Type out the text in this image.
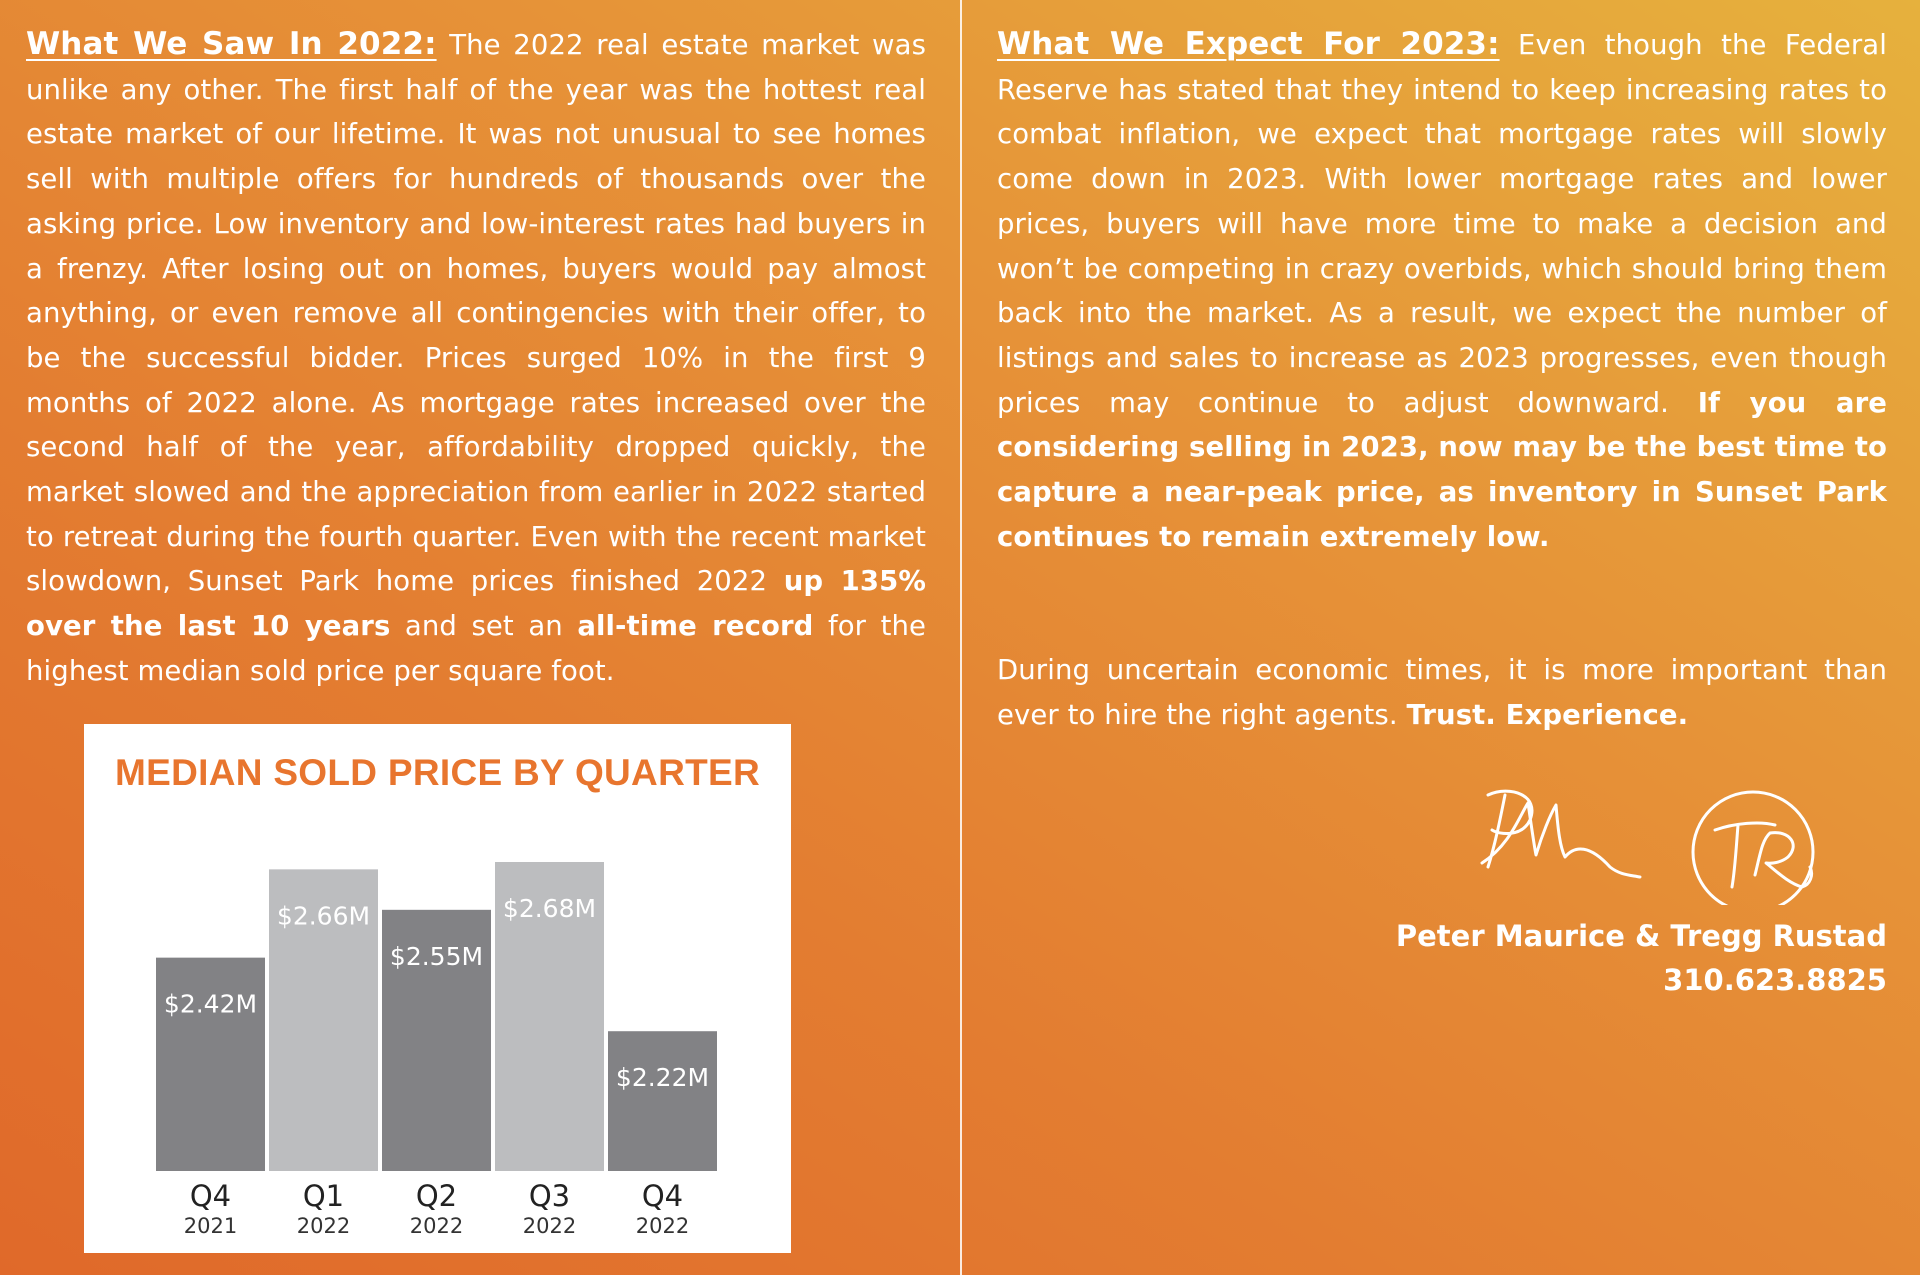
What We Saw In 2022: The 2022 real estate market was unlike any other. The first half of the year was the hottest real estate market of our lifetime. It was not unusual to see homes sell with multiple offers for hundreds of thousands over the asking price. Low inventory and low-interest rates had buyers in a frenzy. After losing out on homes, buyers would pay almost anything, or even remove all contingencies with their offer, to be the successful bidder. Prices surged 10% in the first 9 months of 2022 alone. As mortgage rates increased over the second half of the year, affordability dropped quickly, the market slowed and the appreciation from earlier in 2022 started to retreat during the fourth quarter. Even with the recent market slowdown, Sunset Park home prices finished 2022 up 135% over the last 10 years and set an all-time record for the highest median sold price per square foot.

MEDIAN SOLD PRICE BY QUARTER
$2.42M
Q4
2021
$2.66M
Q1
2022
$2.55M
Q2
2022
$2.68M
Q3
2022
$2.22M
Q4
2022

What We Expect For 2023: Even though the Federal Reserve has stated that they intend to keep increasing rates to combat inflation, we expect that mortgage rates will slowly come down in 2023. With lower mortgage rates and lower prices, buyers will have more time to make a decision and won’t be competing in crazy overbids, which should bring them back into the market. As a result, we expect the number of listings and sales to increase as 2023 progresses, even though prices may continue to adjust downward. If you are considering selling in 2023, now may be the best time to capture a near-peak price, as inventory in Sunset Park continues to remain extremely low.

During uncertain economic times, it is more important than ever to hire the right agents. Trust. Experience.

Peter Maurice & Tregg Rustad
310.623.8825
